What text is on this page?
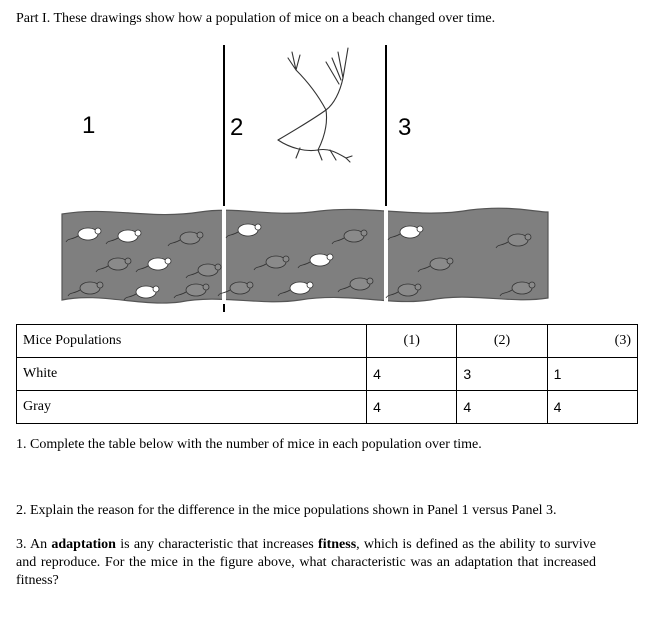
Part I. These drawings show how a population of mice on a beach changed over time.
1	2	3
Mice Populations	(1)	(2)	(3)
White	4	3	1
Gray	4	4	4
1. Complete the table below with the number of mice in each population over time.
2. Explain the reason for the difference in the mice populations shown in Panel 1 versus Panel 3.
3. An adaptation is any characteristic that increases fitness, which is defined as the ability to survive and reproduce. For the mice in the figure above, what characteristic was an adaptation that increased fitness?
